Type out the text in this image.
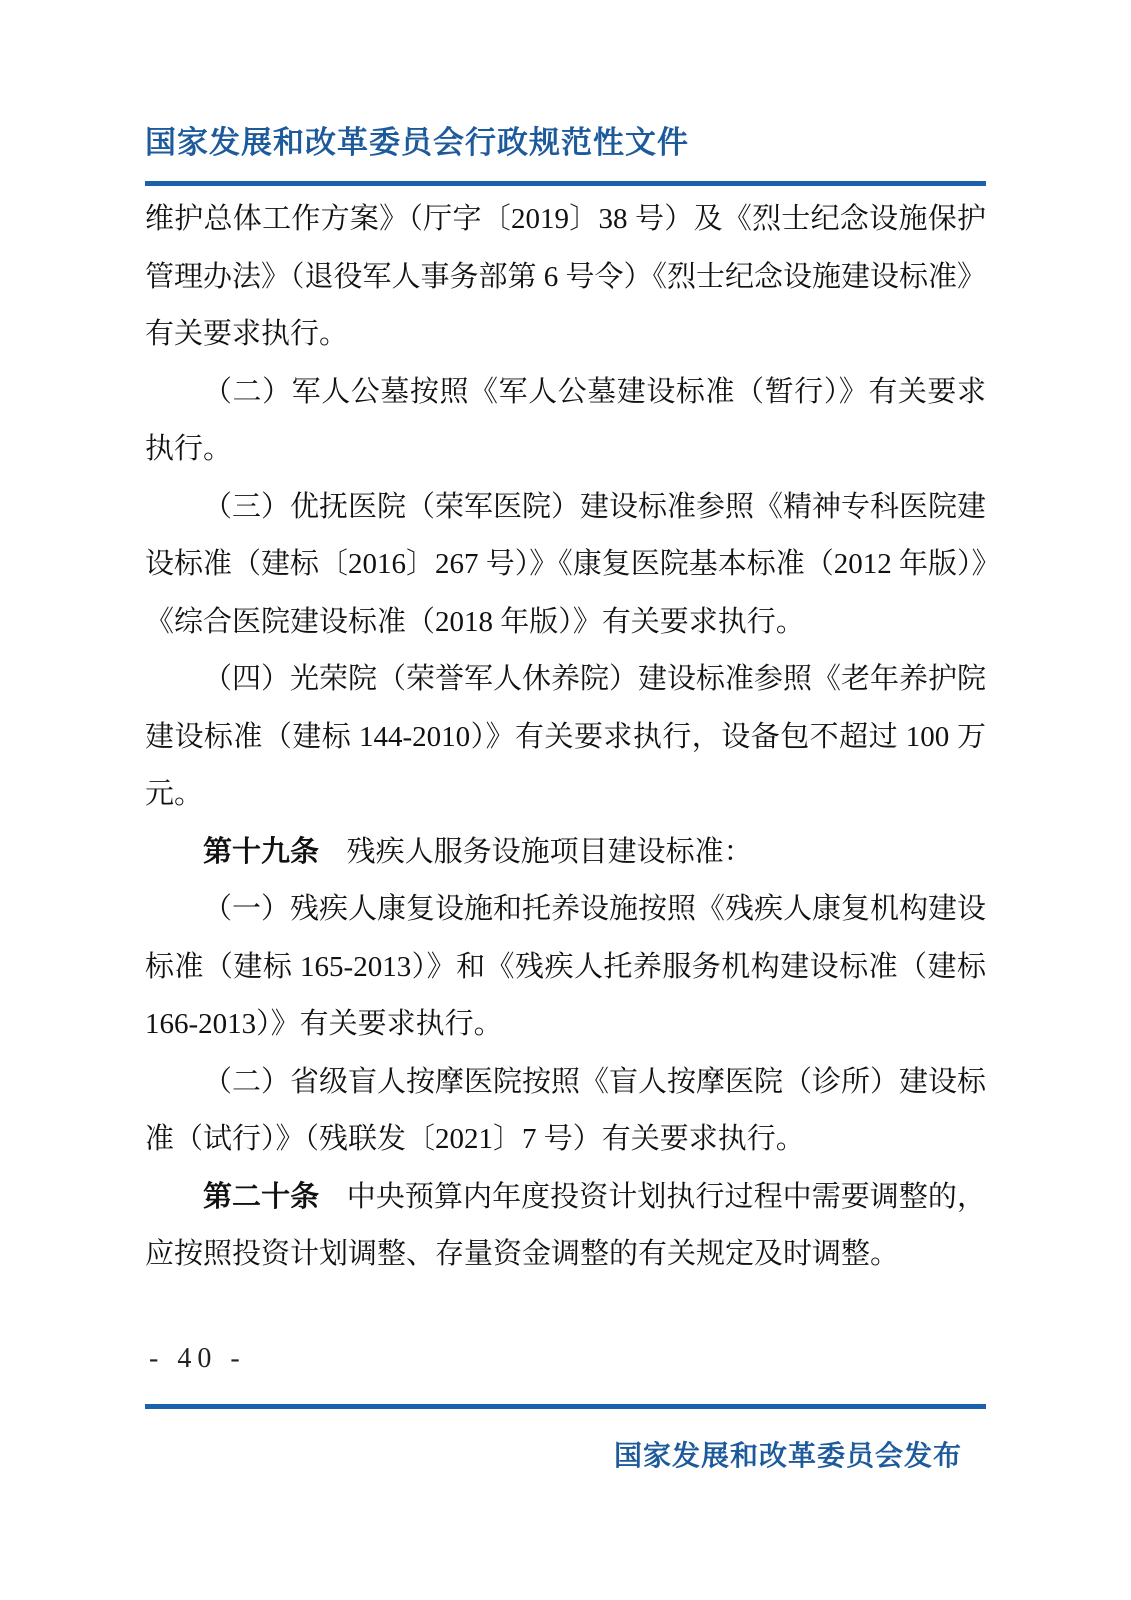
国家发展和改革委员会行政规范性文件

维护总体工作方案》（厅字〔2019〕38 号）及《烈士纪念设施保护管理办法》（退役军人事务部第 6 号令）《烈士纪念设施建设标准》有关要求执行。

（二）军人公墓按照《军人公墓建设标准（暂行）》有关要求执行。

（三）优抚医院（荣军医院）建设标准参照《精神专科医院建设标准（建标〔2016〕267 号）》《康复医院基本标准（2012 年版）》《综合医院建设标准（2018 年版）》有关要求执行。

（四）光荣院（荣誉军人休养院）建设标准参照《老年养护院建设标准（建标 144-2010）》有关要求执行，设备包不超过 100 万元。

第十九条 残疾人服务设施项目建设标准：

（一）残疾人康复设施和托养设施按照《残疾人康复机构建设标准（建标 165-2013）》和《残疾人托养服务机构建设标准（建标 166-2013）》有关要求执行。

（二）省级盲人按摩医院按照《盲人按摩医院（诊所）建设标准（试行）》（残联发〔2021〕7 号）有关要求执行。

第二十条 中央预算内年度投资计划执行过程中需要调整的，应按照投资计划调整、存量资金调整的有关规定及时调整。

- 40 -
国家发展和改革委员会发布
